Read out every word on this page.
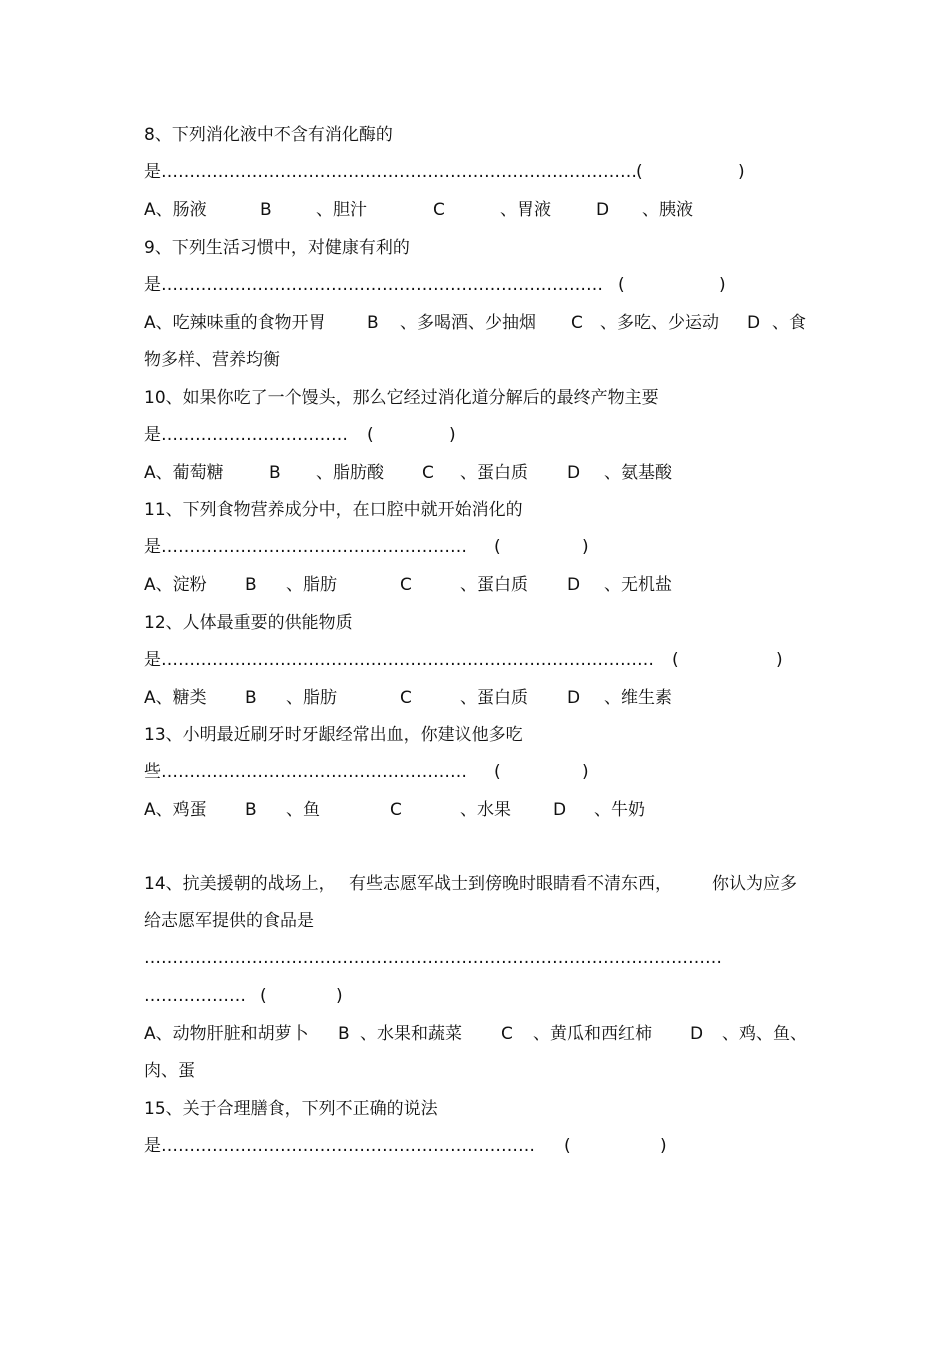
8、下列消化液中不含有消化酶的

是

…………………………………………………………………………

(

	)

A、肠液

	B

	、胆汁

	C

	、胃液

	D

、胰液

9、下列生活习惯中，对健康有利的

是

……………………………………………………………………

(

	)

A、吃辣味重的食物开胃

B

、多喝酒、少抽烟

C

、多吃、少运动

D

、食

物多样、营养均衡
10、如果你吃了一个馒头，那么它经过消化道分解后的最终产物主要

是

……………………………

(

	)

A、葡萄糖

	B

、脂肪酸

C

、蛋白质

D

、氨基酸

11、下列食物营养成分中，在口腔中就开始消化的

是

………………………………………………

(

	)

A、淀粉

B

、脂肪

	C

	、蛋白质

D

、无机盐

12、人体最重要的供能物质

是

……………………………………………………………………………

(

	)

A、糖类

B

、脂肪

	C

	、蛋白质

D

、维生素

13、小明最近刷牙时牙龈经常出血，你建议他多吃

些

………………………………………………

(

	)

A、鸡蛋

B

、鱼

	C

	、水果

D

、牛奶

14、抗美援朝的战场上，

有些志愿军战士到傍晚时眼睛看不清东西，

你认为应多

给志愿军提供的食品是
…………………………………………………………………………………………

………………

(

	)

A、动物肝脏和胡萝卜

B

、水果和蔬菜

C

、黄瓜和西红柿

D

、鸡、鱼、

肉、蛋
15、关于合理膳食，下列不正确的说法

是

…………………………………………………………

(

	)
